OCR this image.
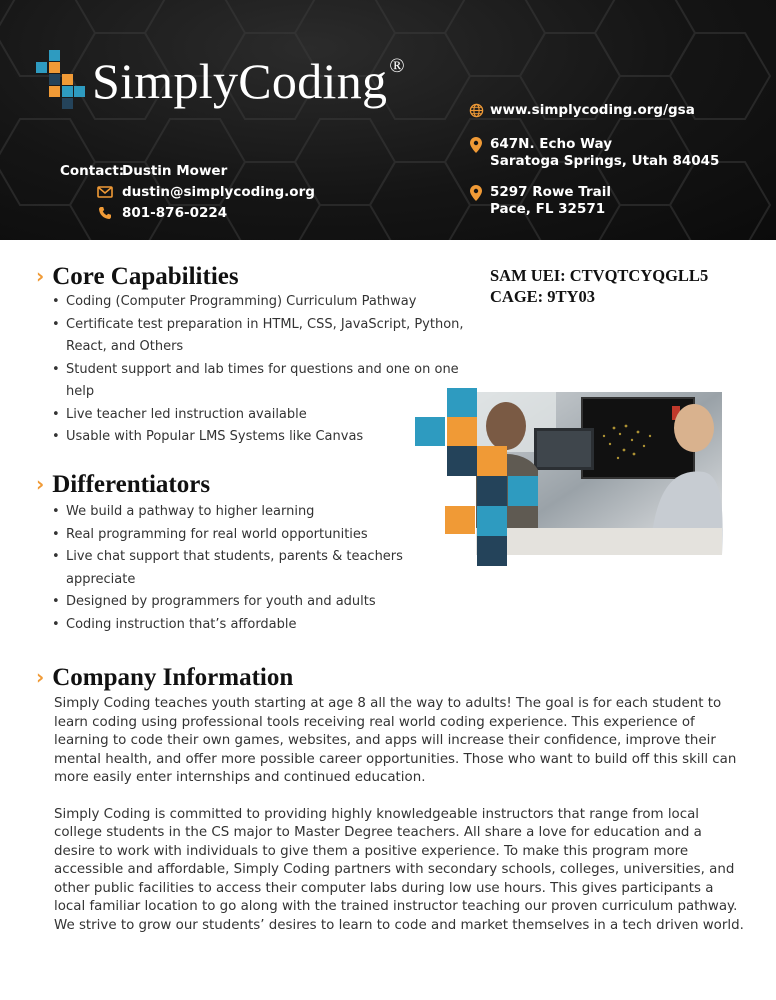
SimplyCoding ®
Contact:
Dustin Mower
dustin@simplycoding.org
801-876-0224
www.simplycoding.org/gsa
647N. Echo Way
Saratoga Springs, Utah 84045
5297 Rowe Trail
Pace, FL 32571
› Core Capabilities
• Coding (Computer Programming) Curriculum Pathway
• Certificate test preparation in HTML, CSS, JavaScript, Python, React, and Others
• Student support and lab times for questions and one on one help
• Live teacher led instruction available
• Usable with Popular LMS Systems like Canvas
SAM UEI: CTVQTCYQGLL5
CAGE: 9TY03
› Differentiators
• We build a pathway to higher learning
• Real programming for real world opportunities
• Live chat support that students, parents & teachers appreciate
• Designed by programmers for youth and adults
• Coding instruction that’s affordable
› Company Information

Simply Coding teaches youth starting at age 8 all the way to adults! The goal is for each student to learn coding using professional tools receiving real world coding experience. This experience of learning to code their own games, websites, and apps will increase their confidence, improve their mental health, and offer more possible career opportunities. Those who want to build off this skill can more easily enter internships and continued education.

Simply Coding is committed to providing highly knowledgeable instructors that range from local college students in the CS major to Master Degree teachers. All share a love for education and a desire to work with individuals to give them a positive experience. To make this program more accessible and affordable, Simply Coding partners with secondary schools, colleges, universities, and other public facilities to access their computer labs during low use hours. This gives participants a local familiar location to go along with the trained instructor teaching our proven curriculum pathway. We strive to grow our students’ desires to learn to code and market themselves in a tech driven world.
